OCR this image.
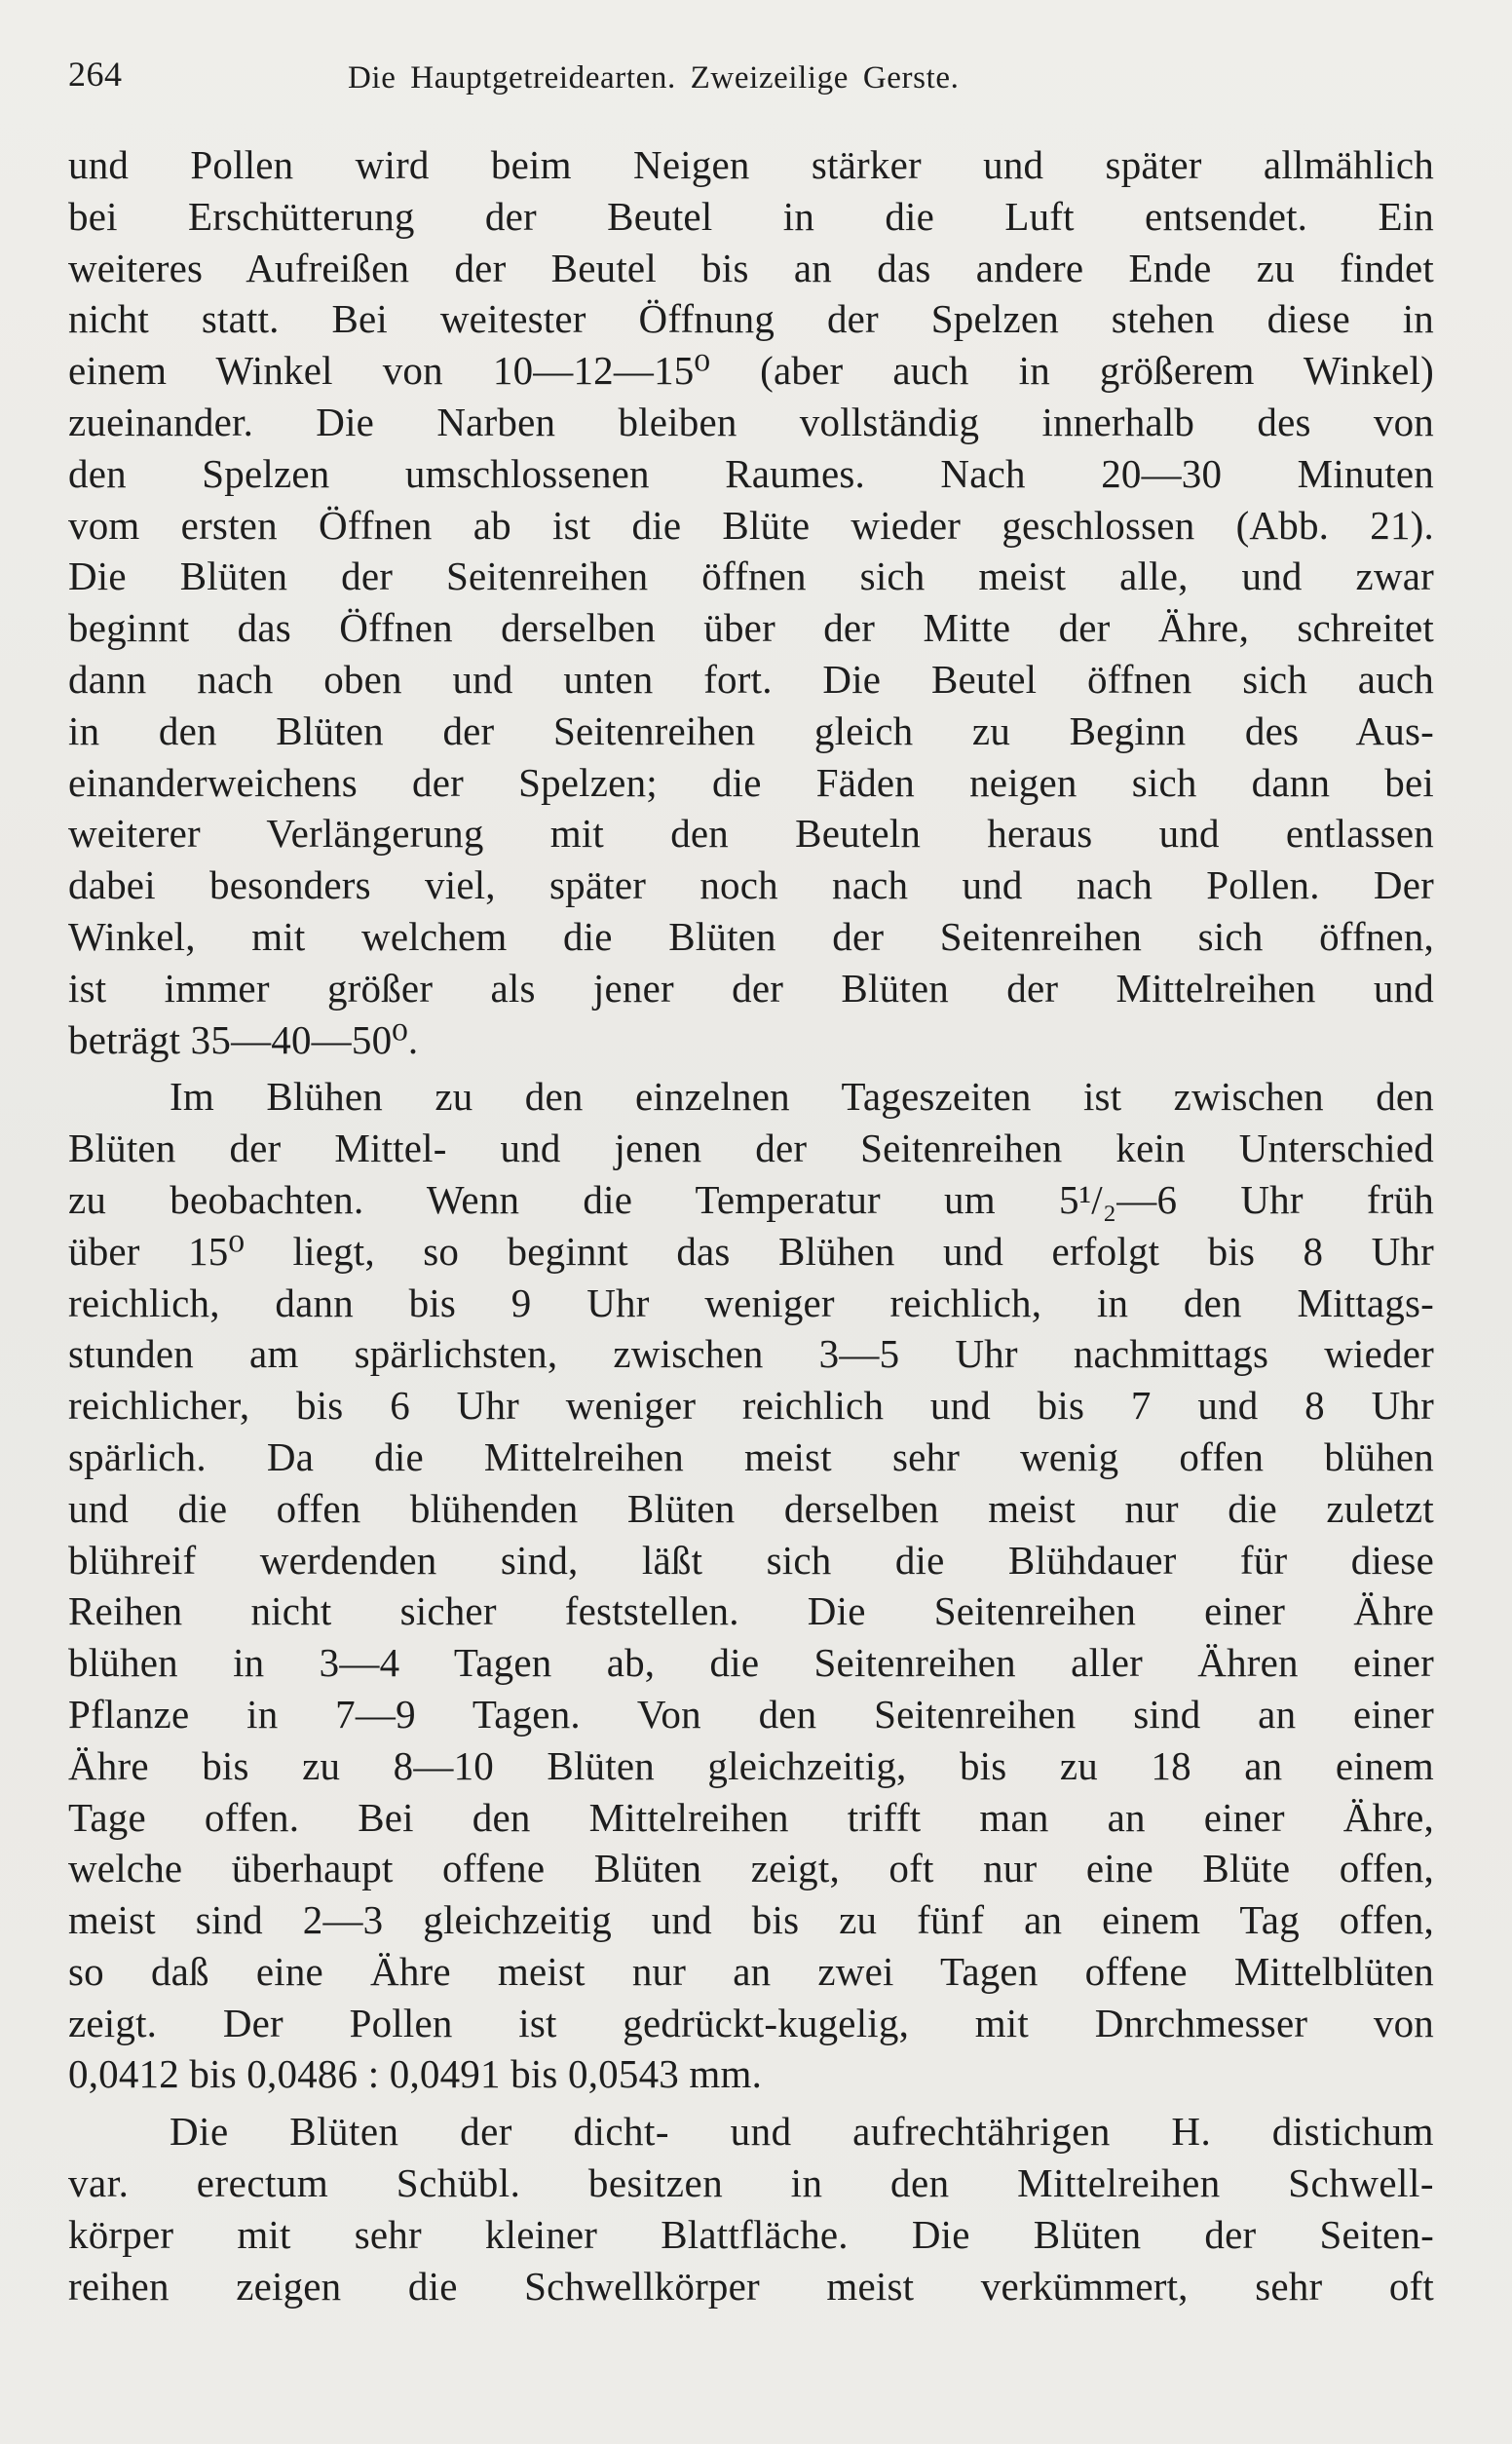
264	Die Hauptgetreidearten. Zweizeilige Gerste.
und Pollen wird beim Neigen stärker und später allmählich
bei Erschütterung der Beutel in die Luft entsendet. Ein
weiteres Aufreißen der Beutel bis an das andere Ende zu findet
nicht statt. Bei weitester Öffnung der Spelzen stehen diese in
einem Winkel von 10—12—15⁰ (aber auch in größerem Winkel)
zueinander. Die Narben bleiben vollständig innerhalb des von
den Spelzen umschlossenen Raumes. Nach 20—30 Minuten
vom ersten Öffnen ab ist die Blüte wieder geschlossen (Abb. 21).
Die Blüten der Seitenreihen öffnen sich meist alle, und zwar
beginnt das Öffnen derselben über der Mitte der Ähre, schreitet
dann nach oben und unten fort. Die Beutel öffnen sich auch
in den Blüten der Seitenreihen gleich zu Beginn des Aus-
einanderweichens der Spelzen; die Fäden neigen sich dann bei
weiterer Verlängerung mit den Beuteln heraus und entlassen
dabei besonders viel, später noch nach und nach Pollen. Der
Winkel, mit welchem die Blüten der Seitenreihen sich öffnen,
ist immer größer als jener der Blüten der Mittelreihen und
beträgt 35—40—50⁰.
Im Blühen zu den einzelnen Tageszeiten ist zwischen den
Blüten der Mittel- und jenen der Seitenreihen kein Unterschied
zu beobachten. Wenn die Temperatur um 5¹/₂—6 Uhr früh
über 15⁰ liegt, so beginnt das Blühen und erfolgt bis 8 Uhr
reichlich, dann bis 9 Uhr weniger reichlich, in den Mittags-
stunden am spärlichsten, zwischen 3—5 Uhr nachmittags wieder
reichlicher, bis 6 Uhr weniger reichlich und bis 7 und 8 Uhr
spärlich. Da die Mittelreihen meist sehr wenig offen blühen
und die offen blühenden Blüten derselben meist nur die zuletzt
blühreif werdenden sind, läßt sich die Blühdauer für diese
Reihen nicht sicher feststellen. Die Seitenreihen einer Ähre
blühen in 3—4 Tagen ab, die Seitenreihen aller Ähren einer
Pflanze in 7—9 Tagen. Von den Seitenreihen sind an einer
Ähre bis zu 8—10 Blüten gleichzeitig, bis zu 18 an einem
Tage offen. Bei den Mittelreihen trifft man an einer Ähre,
welche überhaupt offene Blüten zeigt, oft nur eine Blüte offen,
meist sind 2—3 gleichzeitig und bis zu fünf an einem Tag offen,
so daß eine Ähre meist nur an zwei Tagen offene Mittelblüten
zeigt. Der Pollen ist gedrückt-kugelig, mit Dnrchmesser von
0,0412 bis 0,0486 : 0,0491 bis 0,0543 mm.
Die Blüten der dicht- und aufrechtährigen H. distichum
var. erectum Schübl. besitzen in den Mittelreihen Schwell-
körper mit sehr kleiner Blattfläche. Die Blüten der Seiten-
reihen zeigen die Schwellkörper meist verkümmert, sehr oft
